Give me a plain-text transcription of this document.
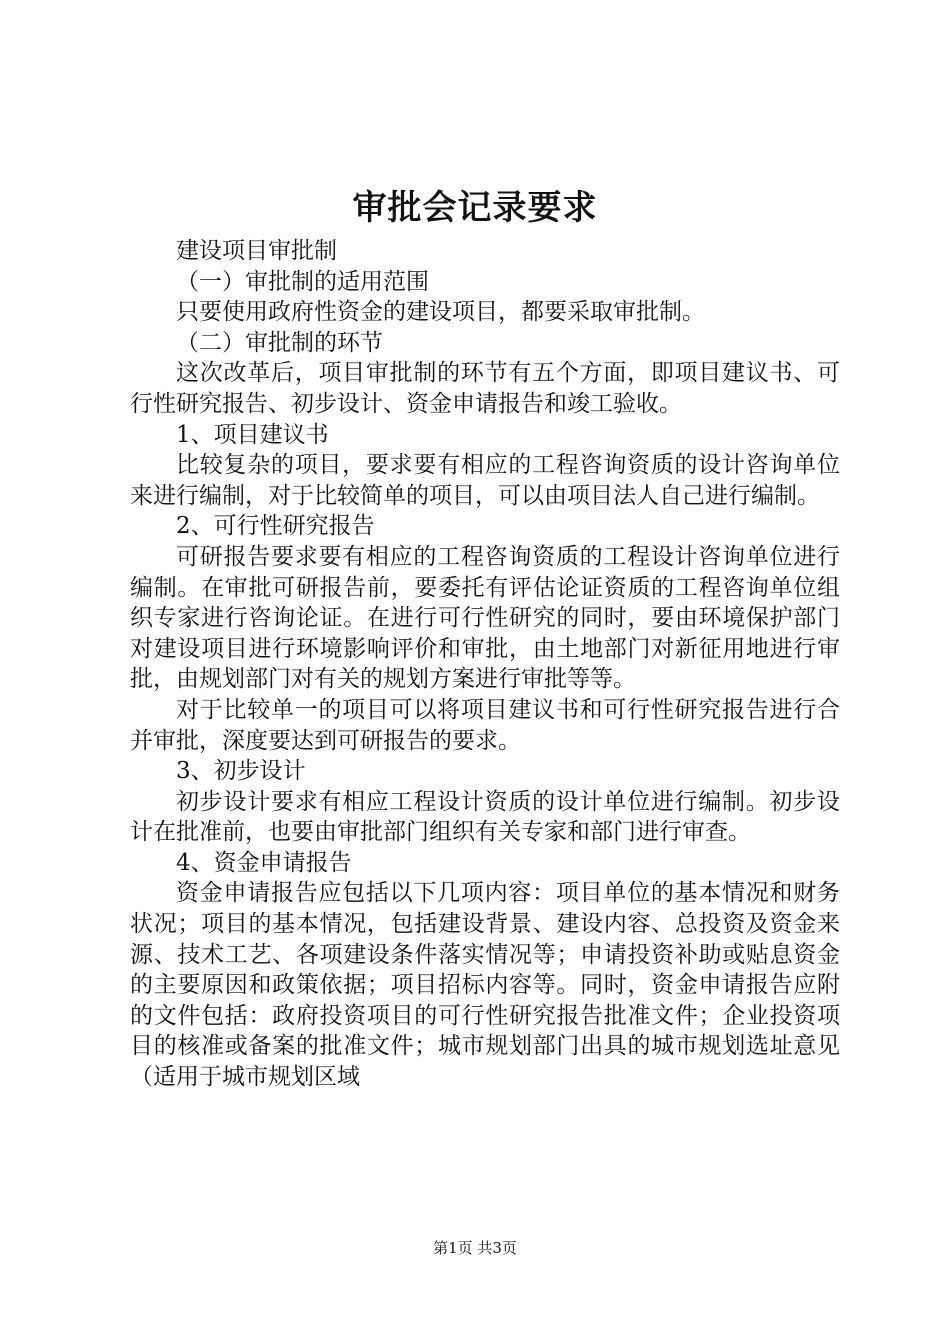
审批会记录要求

建设项目审批制

（一）审批制的适用范围

只要使用政府性资金的建设项目，都要采取审批制。

（二）审批制的环节

这次改革后，项目审批制的环节有五个方面，即项目建议书、可行性研究报告、初步设计、资金申请报告和竣工验收。

1、项目建议书

比较复杂的项目，要求要有相应的工程咨询资质的设计咨询单位来进行编制，对于比较简单的项目，可以由项目法人自己进行编制。

2、可行性研究报告

可研报告要求要有相应的工程咨询资质的工程设计咨询单位进行编制。在审批可研报告前，要委托有评估论证资质的工程咨询单位组织专家进行咨询论证。在进行可行性研究的同时，要由环境保护部门对建设项目进行环境影响评价和审批，由土地部门对新征用地进行审批，由规划部门对有关的规划方案进行审批等等。

对于比较单一的项目可以将项目建议书和可行性研究报告进行合并审批，深度要达到可研报告的要求。

3、初步设计

初步设计要求有相应工程设计资质的设计单位进行编制。初步设计在批准前，也要由审批部门组织有关专家和部门进行审查。

4、资金申请报告

资金申请报告应包括以下几项内容：项目单位的基本情况和财务状况；项目的基本情况，包括建设背景、建设内容、总投资及资金来源、技术工艺、各项建设条件落实情况等；申请投资补助或贴息资金的主要原因和政策依据；项目招标内容等。同时，资金申请报告应附的文件包括：政府投资项目的可行性研究报告批准文件；企业投资项目的核准或备案的批准文件；城市规划部门出具的城市规划选址意见（适用于城市规划区域

第1页 共3页
